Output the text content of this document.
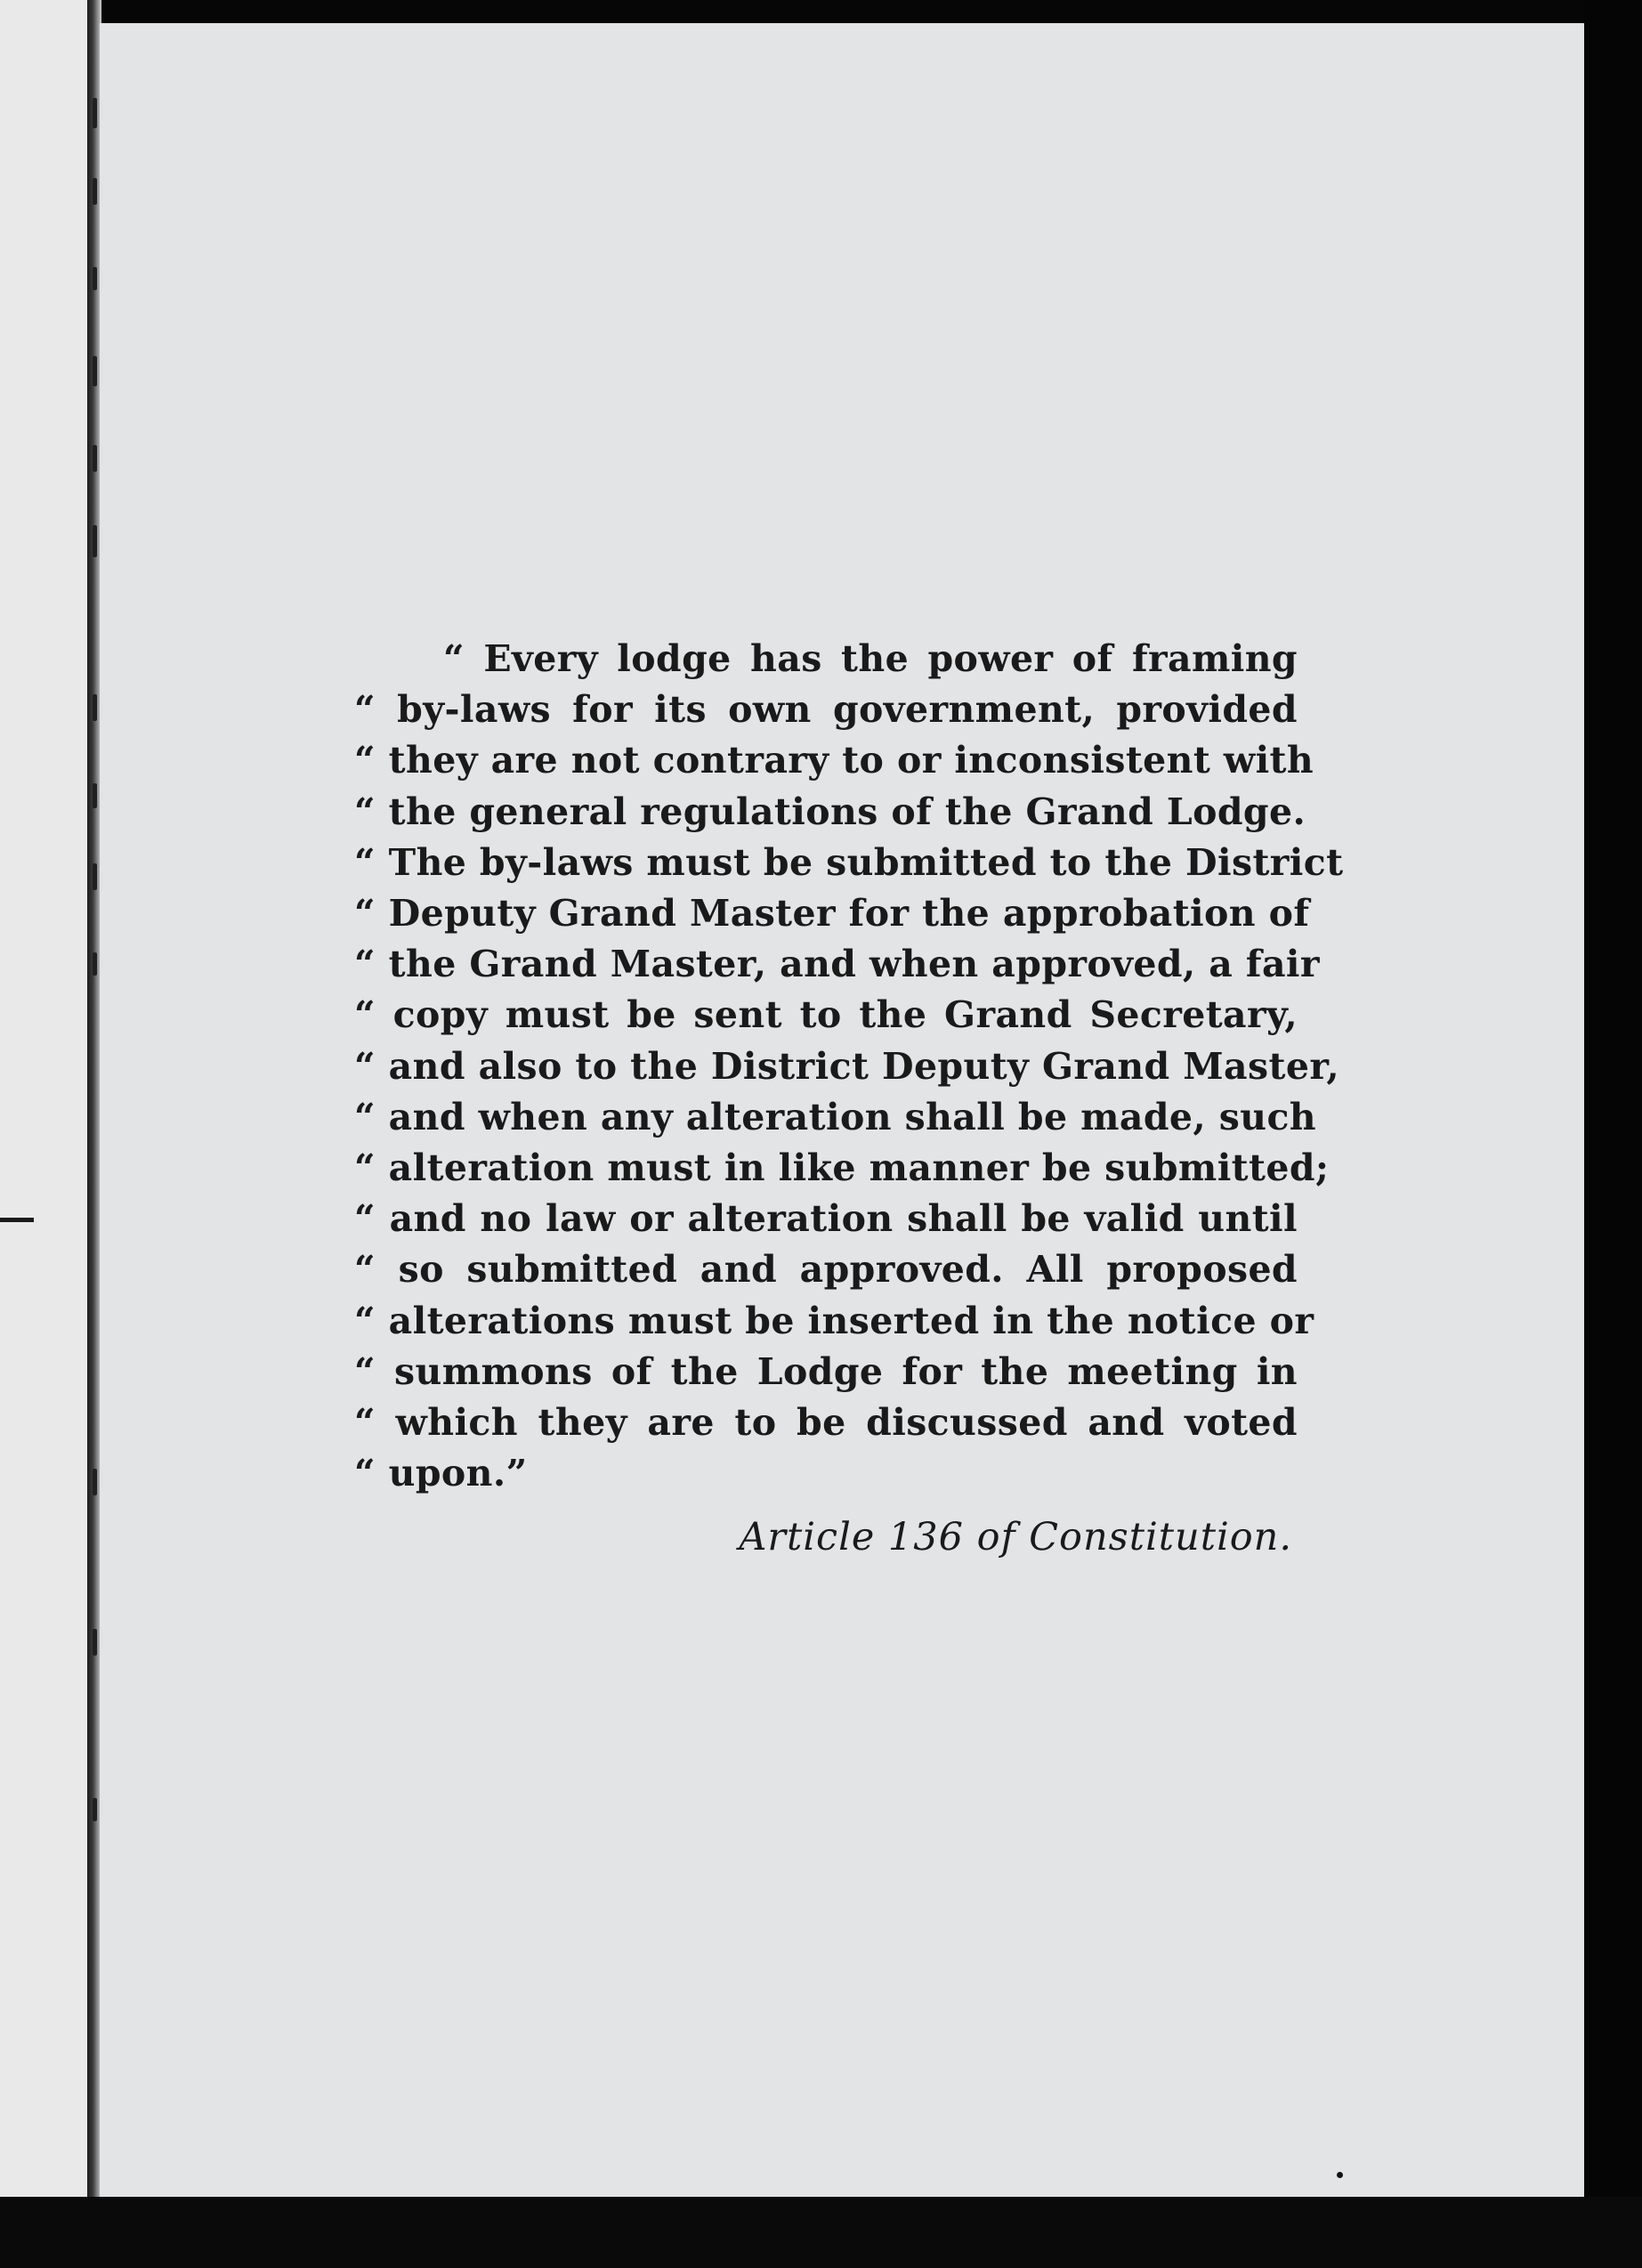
“ Every lodge has the power of framing
“ by-laws for its own government, provided
“ they are not contrary to or inconsistent with
“ the general regulations of the Grand Lodge.
“ The by-laws must be submitted to the District
“ Deputy Grand Master for the approbation of
“ the Grand Master, and when approved, a fair
“ copy must be sent to the Grand Secretary,
“ and also to the District Deputy Grand Master,
“ and when any alteration shall be made, such
“ alteration must in like manner be submitted;
“ and no law or alteration shall be valid until
“ so submitted and approved. All proposed
“ alterations must be inserted in the notice or
“ summons of the Lodge for the meeting in
“ which they are to be discussed and voted
“ upon.”
Article 136 of Constitution.
